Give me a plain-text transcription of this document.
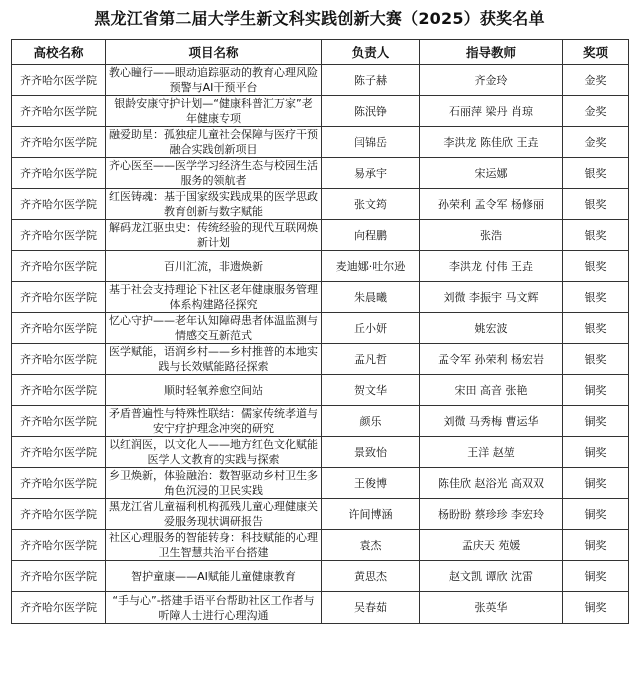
黑龙江省第二届大学生新文科实践创新大赛（2025）获奖名单
高校名称	项目名称	负责人	指导教师	奖项
齐齐哈尔医学院	教心瞳行——眼动追踪驱动的教育心理风险预警与AI干预平台	陈子赫	齐金玲	金奖
齐齐哈尔医学院	银龄安康守护计划—“健康科普汇万家”老年健康专项	陈泯铮	石丽萍 梁丹 肖琼	金奖
齐齐哈尔医学院	融爱助星：孤独症儿童社会保障与医疗干预融合实践创新项目	闫锦岳	李洪龙 陈佳欣 王垚	金奖
齐齐哈尔医学院	齐心医至——医学学习经济生态与校园生活服务的领航者	易承宇	宋运娜	银奖
齐齐哈尔医学院	红医铸魂：基于国家级实践成果的医学思政教育创新与数字赋能	张文筠	孙荣利 孟令军 杨修丽	银奖
齐齐哈尔医学院	解码龙江驱虫史：传统经验的现代互联网焕新计划	向程鹏	张浩	银奖
齐齐哈尔医学院	百川汇流，非遗焕新	麦迪娜·吐尔逊	李洪龙 付伟 王垚	银奖
齐齐哈尔医学院	基于社会支持理论下社区老年健康服务管理体系构建路径探究	朱晨曦	刘微 李振宇 马文辉	银奖
齐齐哈尔医学院	忆心守护——老年认知障碍患者体温监测与情感交互新范式	丘小妍	姚宏波	银奖
齐齐哈尔医学院	医学赋能，语润乡村——乡村推普的本地实践与长效赋能路径探索	孟凡哲	孟令军 孙荣利 杨宏岩	银奖
齐齐哈尔医学院	顺时轻氧养愈空间站	贺文华	宋田 高音 张艳	铜奖
齐齐哈尔医学院	矛盾普遍性与特殊性联结：儒家传统孝道与安宁疗护理念冲突的研究	颜乐	刘微 马秀梅 曹运华	铜奖
齐齐哈尔医学院	以红润医，以文化人——地方红色文化赋能医学人文教育的实践与探索	景致怡	王洋 赵堃	铜奖
齐齐哈尔医学院	乡卫焕新，体验融治：数智驱动乡村卫生多角色沉浸的卫民实践	王俊博	陈佳欣 赵浴光 高双双	铜奖
齐齐哈尔医学院	黑龙江省儿童福利机构孤残儿童心理健康关爱服务现状调研报告	许间博涵	杨盼盼 蔡珍珍 李宏玲	铜奖
齐齐哈尔医学院	社区心理服务的智能转身：科技赋能的心理卫生智慧共治平台搭建	袁杰	孟庆天 苑媛	铜奖
齐齐哈尔医学院	智护童康——AI赋能儿童健康教育	黄思杰	赵文凯 谭欣 沈雷	铜奖
齐齐哈尔医学院	“手与心”-搭建手语平台帮助社区工作者与听障人士进行心理沟通	吴春茹	张英华	铜奖
